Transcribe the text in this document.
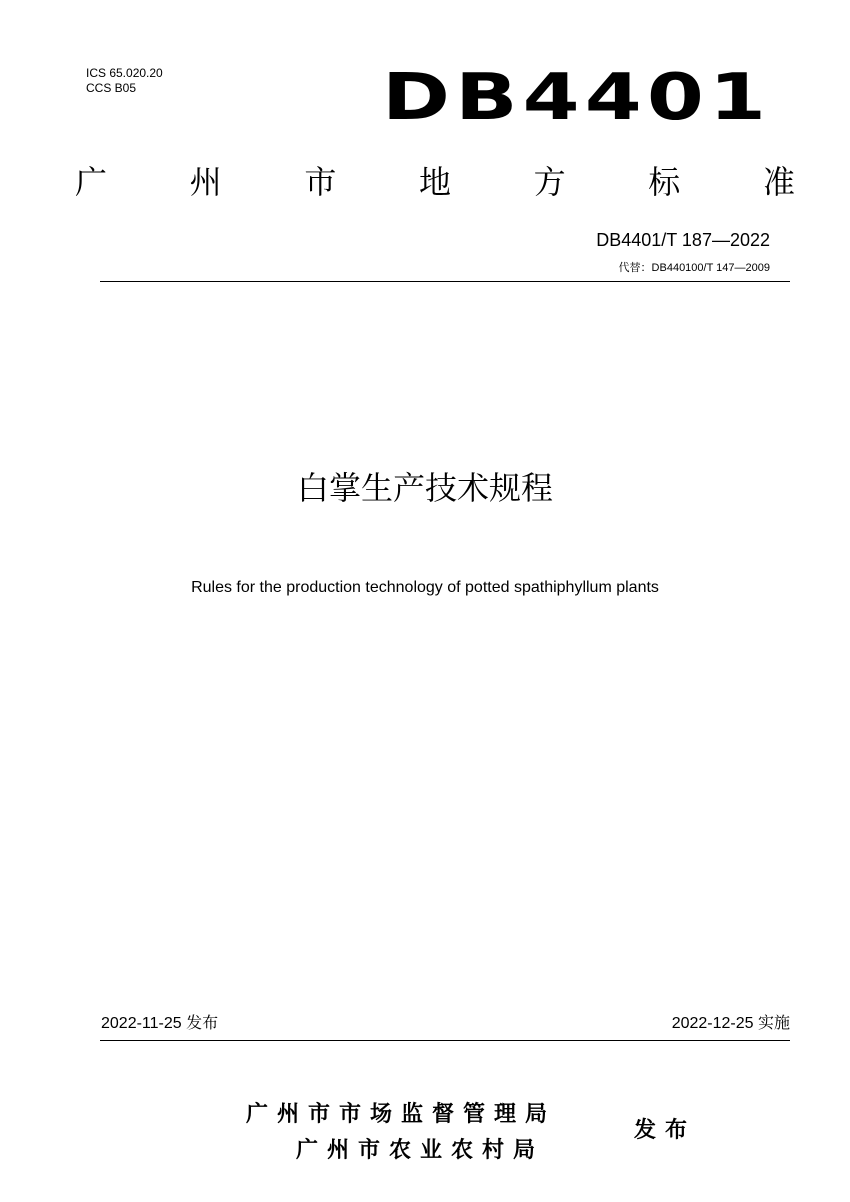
ICS 65.020.20
CCS B05	DB4401
广	州	市	地	方	标	准
DB4401/T 187—2022
代替：DB440100/T 147—2009
白掌生产技术规程
Rules for the production technology of potted spathiphyllum plants
2022-11-25 发布	2022-12-25 实施
广州市市场监督管理局
广州市农业农村局
发布
